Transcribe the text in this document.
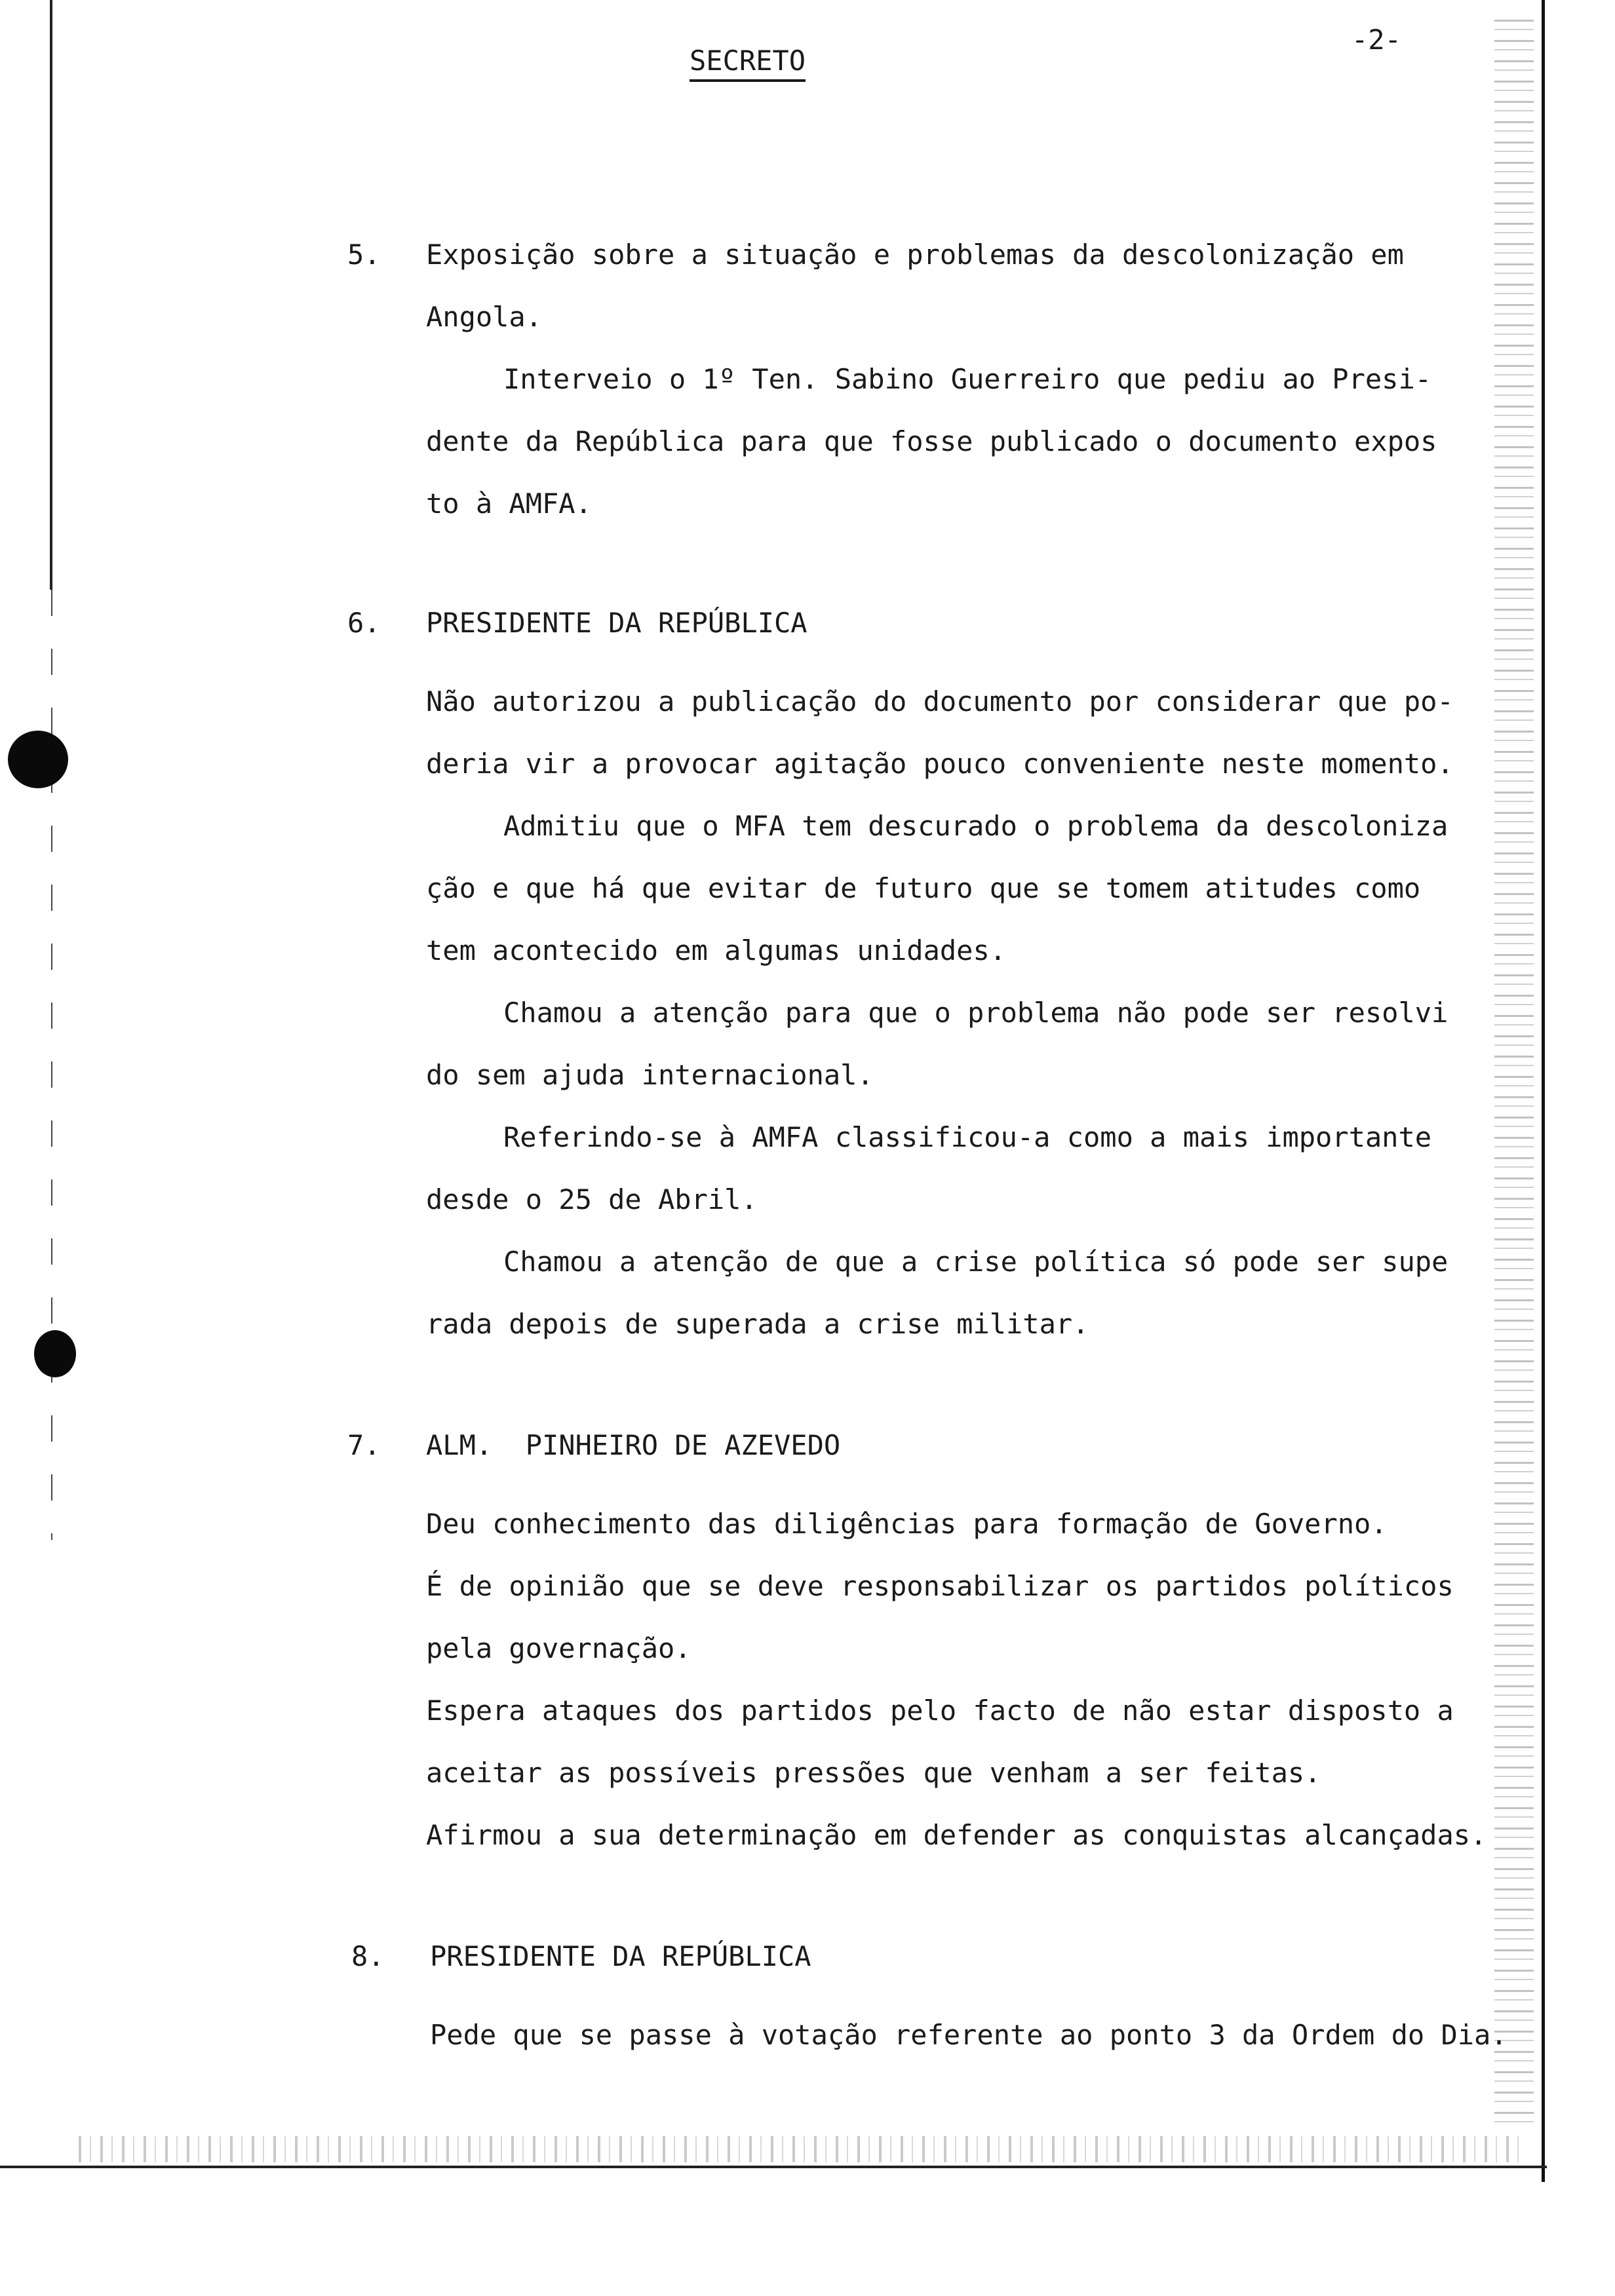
SECRETO
-2-
5. Exposição sobre a situação e problemas da descolonização em
Angola.
Interveio o 1º Ten. Sabino Guerreiro que pediu ao Presi-
dente da República para que fosse publicado o documento expos
to à AMFA.
6. PRESIDENTE DA REPÚBLICA
Não autorizou a publicação do documento por considerar que po-
deria vir a provocar agitação pouco conveniente neste momento.
Admitiu que o MFA tem descurado o problema da descoloniza
ção e que há que evitar de futuro que se tomem atitudes como
tem acontecido em algumas unidades.
Chamou a atenção para que o problema não pode ser resolvi
do sem ajuda internacional.
Referindo-se à AMFA classificou-a como a mais importante
desde o 25 de Abril.
Chamou a atenção de que a crise política só pode ser supe
rada depois de superada a crise militar.
7. ALM.  PINHEIRO DE AZEVEDO
Deu conhecimento das diligências para formação de Governo.
É de opinião que se deve responsabilizar os partidos políticos
pela governação.
Espera ataques dos partidos pelo facto de não estar disposto a
aceitar as possíveis pressões que venham a ser feitas.
Afirmou a sua determinação em defender as conquistas alcançadas.
8. PRESIDENTE DA REPÚBLICA
Pede que se passe à votação referente ao ponto 3 da Ordem do Dia.
